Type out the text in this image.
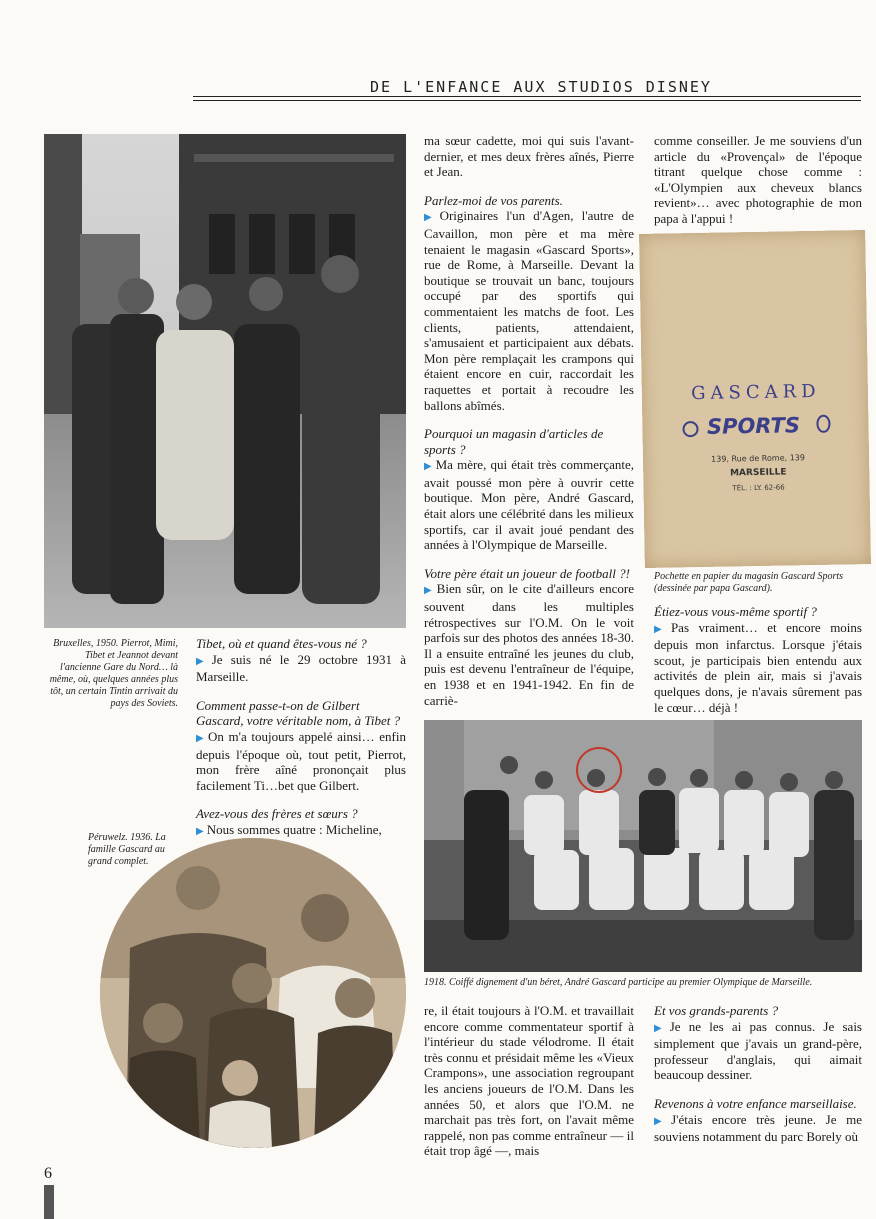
DE L'ENFANCE AUX STUDIOS DISNEY
Bruxelles, 1950. Pierrot, Mimi, Tibet et Jeannot devant l'ancienne Gare du Nord… là même, où, quelques années plus tôt, un certain Tintin arrivait du pays des Soviets.

Tibet, où et quand êtes-vous né ?
▶ Je suis né le 29 octobre 1931 à Marseille.

Comment passe-t-on de Gilbert Gascard, votre véritable nom, à Tibet ?
▶ On m'a toujours appelé ainsi… enfin depuis l'époque où, tout petit, Pierrot, mon frère aîné prononçait plus facilement Ti…bet que Gilbert.

Avez-vous des frères et sœurs ?
▶ Nous sommes quatre : Micheline,

Péruwelz. 1936. La famille Gascard au grand complet.

ma sœur cadette, moi qui suis l'avant-dernier, et mes deux frères aînés, Pierre et Jean.

Parlez-moi de vos parents.
▶ Originaires l'un d'Agen, l'autre de Cavaillon, mon père et ma mère tenaient le magasin «Gascard Sports», rue de Rome, à Marseille. Devant la boutique se trouvait un banc, toujours occupé par des sportifs qui commentaient les matchs de foot. Les clients, patients, attendaient, s'amusaient et participaient aux débats. Mon père remplaçait les crampons qui étaient encore en cuir, raccordait les raquettes et portait à recoudre les ballons abîmés.

Pourquoi un magasin d'articles de sports ?
▶ Ma mère, qui était très commerçante, avait poussé mon père à ouvrir cette boutique. Mon père, André Gascard, était alors une célébrité dans les milieux sportifs, car il avait joué pendant des années à l'Olympique de Marseille.

Votre père était un joueur de football ?!
▶ Bien sûr, on le cite d'ailleurs encore souvent dans les multiples rétrospectives sur l'O.M. On le voit parfois sur des photos des années 18-30. Il a ensuite entraîné les jeunes du club, puis est devenu l'entraîneur de l'équipe, en 1938 et en 1941-1942. En fin de carriè-

comme conseiller. Je me souviens d'un article du «Provençal» de l'époque titrant quelque chose comme : «L'Olympien aux cheveux blancs revient»… avec photographie de mon papa à l'appui !

GASCARD
SPORTS
139, Rue de Rome, 139
MARSEILLE
TÉL. : LY. 62-66
Pochette en papier du magasin Gascard Sports (dessinée par papa Gascard).

Étiez-vous vous-même sportif ?
▶ Pas vraiment… et encore moins depuis mon infarctus. Lorsque j'étais scout, je participais bien entendu aux activités de plein air, mais si j'avais quelques dons, je n'avais sûrement pas le cœur… déjà !

1918. Coiffé dignement d'un béret, André Gascard participe au premier Olympique de Marseille.

re, il était toujours à l'O.M. et travaillait encore comme commentateur sportif à l'intérieur du stade vélodrome. Il était très connu et présidait même les «Vieux Crampons», une association regroupant les anciens joueurs de l'O.M. Dans les années 50, et alors que l'O.M. ne marchait pas très fort, on l'avait même rappelé, non pas comme entraîneur — il était trop âgé —, mais

Et vos grands-parents ?
▶ Je ne les ai pas connus. Je sais simplement que j'avais un grand-père, professeur d'anglais, qui aimait beaucoup dessiner.

Revenons à votre enfance marseillaise.
▶ J'étais encore très jeune. Je me souviens notamment du parc Borely où

6
